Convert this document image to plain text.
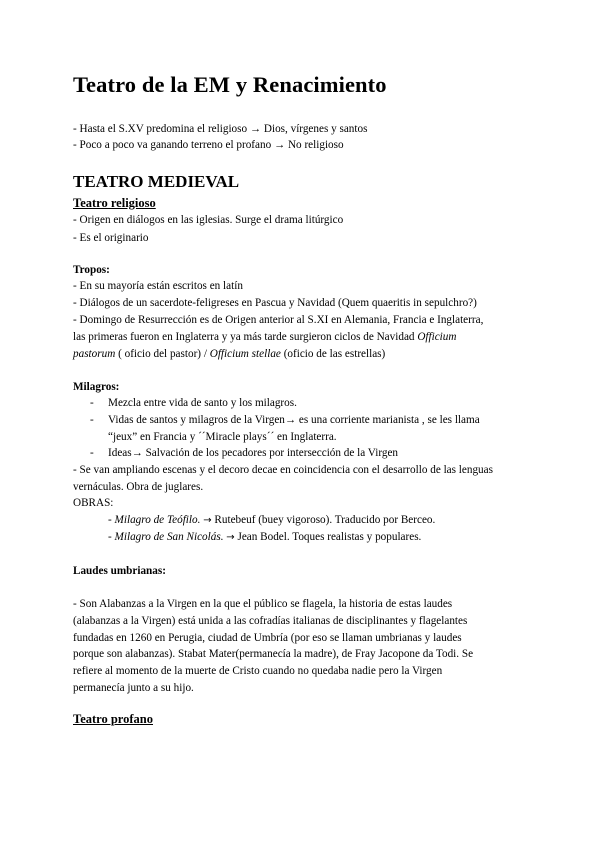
Teatro de la EM y Renacimiento
- Hasta el S.XV predomina el religioso → Dios, vírgenes y santos
- Poco a poco va ganando terreno el profano → No religioso
TEATRO MEDIEVAL
Teatro religioso
- Origen en diálogos en las iglesias. Surge el drama litúrgico
- Es el originario
Tropos:
- En su mayoría están escritos en latín
- Diálogos de un sacerdote-feligreses en Pascua y Navidad (Quem quaeritis in sepulchro?)
- Domingo de Resurrección es de Origen anterior al S.XI en Alemania, Francia e Inglaterra,
las primeras fueron en Inglaterra y ya más tarde surgieron ciclos de Navidad Officium
pastorum ( oficio del pastor) / Officium stellae (oficio de las estrellas)
Milagros:
- Mezcla entre vida de santo y los milagros.
- Vidas de santos y milagros de la Virgen→ es una corriente marianista , se les llama
“jeux” en Francia y ´´Miracle plays´´ en Inglaterra.
- Ideas→ Salvación de los pecadores por intersección de la Virgen
- Se van ampliando escenas y el decoro decae en coincidencia con el desarrollo de las lenguas
vernáculas. Obra de juglares.
OBRAS:
- Milagro de Teófilo. → Rutebeuf (buey vigoroso). Traducido por Berceo.
- Milagro de San Nicolás. → Jean Bodel. Toques realistas y populares.
Laudes umbrianas:
- Son Alabanzas a la Virgen en la que el público se flagela, la historia de estas laudes
(alabanzas a la Virgen) está unida a las cofradías italianas de disciplinantes y flagelantes
fundadas en 1260 en Perugia, ciudad de Umbría (por eso se llaman umbrianas y laudes
porque son alabanzas). Stabat Mater(permanecía la madre), de Fray Jacopone da Todi. Se
refiere al momento de la muerte de Cristo cuando no quedaba nadie pero la Virgen
permanecía junto a su hijo.
Teatro profano
